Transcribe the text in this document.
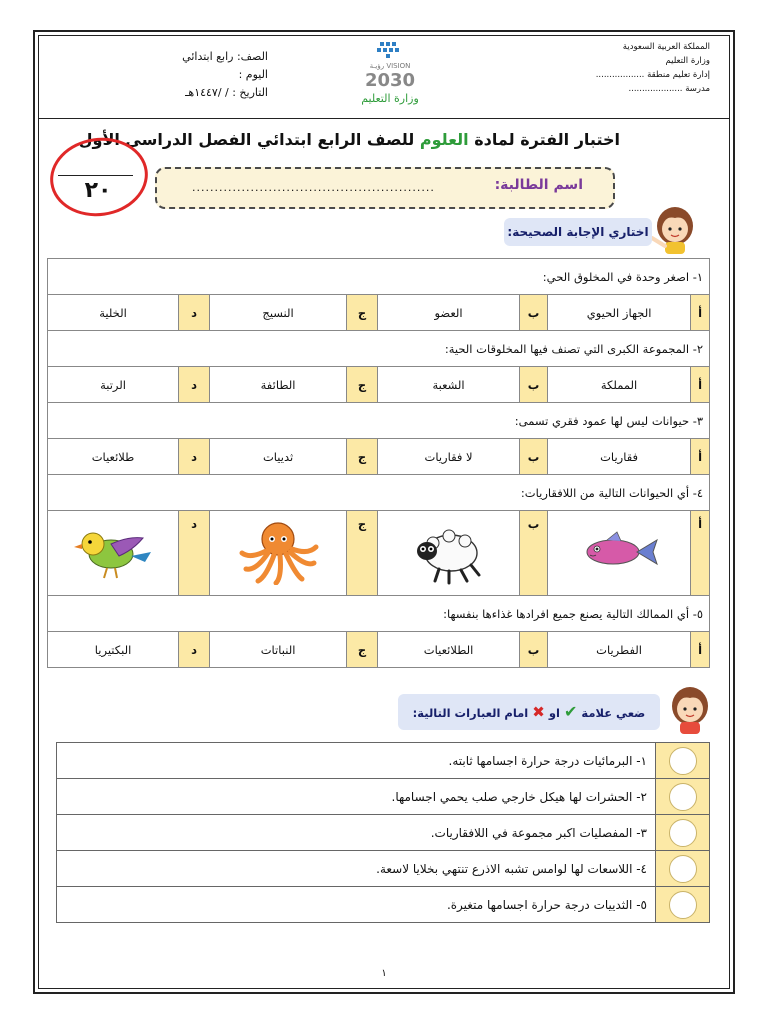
المملكة العربية السعودية
وزارة التعليم
إدارة تعليم منطقة ..................
مدرسة ....................
VISION رؤيـة
2030
وزارة التعليم
الصف: رابع ابتدائي
اليوم :
التاريخ : / /١٤٤٧هـ
اختبار الفترة لمادة العلوم للصف الرابع ابتدائي الفصل الدراسي الأول
٢٠	اسم الطالبة:
......................................................
اختاري الإجابة الصحيحة:
١- اصغر وحدة في المخلوق الحي:							
أ	الجهاز الحيوي	ب	العضو	ج	النسيج	د	الخلية
٢- المجموعة الكبرى التي تصنف فيها المخلوقات الحية:							
أ	المملكة	ب	الشعبة	ج	الطائفة	د	الرتبة
٣- حيوانات ليس لها عمود فقري تسمى:							
أ	فقاريات	ب	لا فقاريات	ج	ثدييات	د	طلائعيات
٤- أي الحيوانات التالية من اللافقاريات:							
أ		ب		ج		د	
٥- أي الممالك التالية يصنع جميع افرادها غذاءها بنفسها:							
أ	الفطريات	ب	الطلائعيات	ج	النباتات	د	البكتيريا
ضعي علامة ✔ او ✖ امام العبارات التالية:
	١- البرمائيات درجة حرارة اجسامها ثابته.
	٢- الحشرات لها هيكل خارجي صلب يحمي اجسامها.
	٣- المفصليات اكبر مجموعة في اللافقاريات.
	٤- اللاسعات لها لوامس تشبه الاذرع تنتهي بخلايا لاسعة.
	٥- الثدييات درجة حرارة اجسامها متغيرة.
١
